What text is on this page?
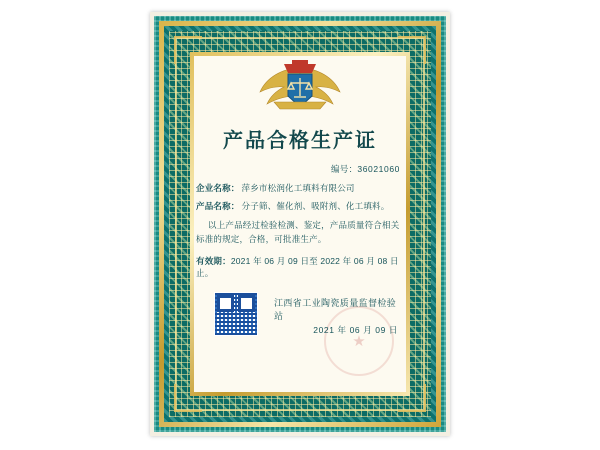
产品合格生产证
编号：36021060
企业名称： 萍乡市松润化工填料有限公司
产品名称： 分子筛、催化剂、吸附剂、化工填料。
以上产品经过检验检测、鉴定，产品质量符合相关标准的规定，合格，可批准生产。
有效期：2021 年 06 月 09 日至 2022 年 06 月 08 日止。
江西省工业陶瓷质量监督检验站
★
2021 年 06 月 09 日
